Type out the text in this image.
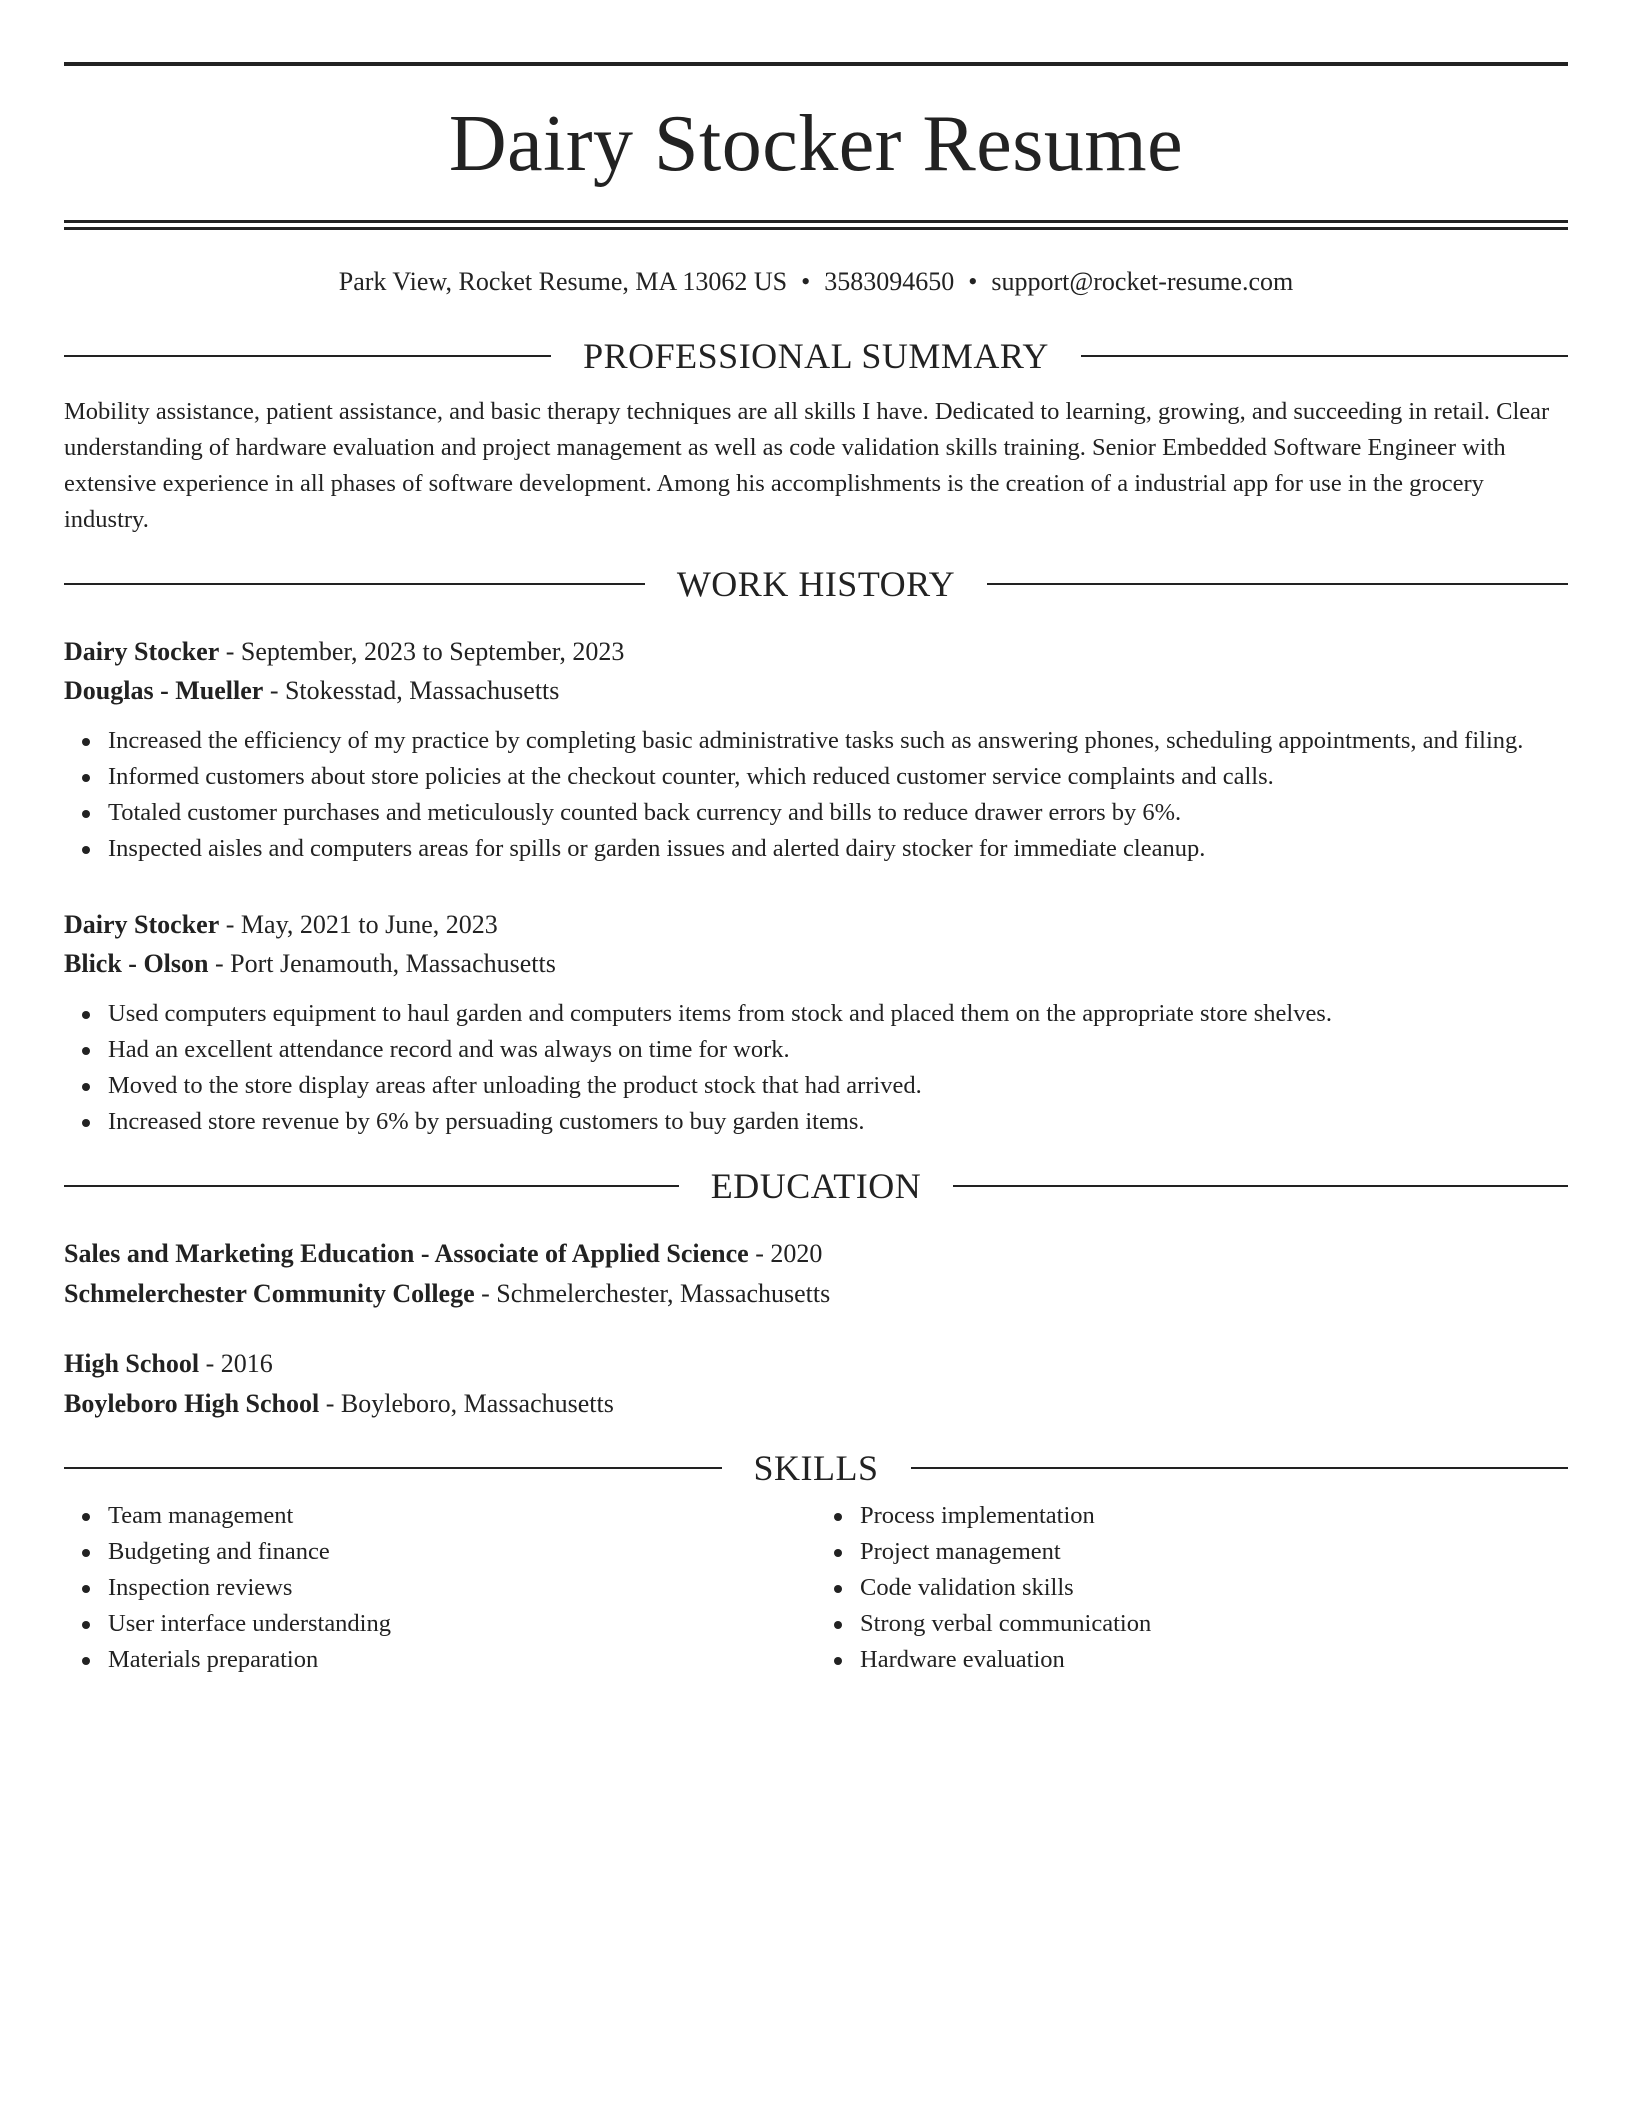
Dairy Stocker Resume
Park View, Rocket Resume, MA 13062 US • 3583094650 • support@rocket-resume.com
PROFESSIONAL SUMMARY
Mobility assistance, patient assistance, and basic therapy techniques are all skills I have. Dedicated to learning, growing, and succeeding in retail. Clear understanding of hardware evaluation and project management as well as code validation skills training. Senior Embedded Software Engineer with extensive experience in all phases of software development. Among his accomplishments is the creation of a industrial app for use in the grocery industry.
WORK HISTORY
Dairy Stocker - September, 2023 to September, 2023
Douglas - Mueller - Stokesstad, Massachusetts
Increased the efficiency of my practice by completing basic administrative tasks such as answering phones, scheduling appointments, and filing.
Informed customers about store policies at the checkout counter, which reduced customer service complaints and calls.
Totaled customer purchases and meticulously counted back currency and bills to reduce drawer errors by 6%.
Inspected aisles and computers areas for spills or garden issues and alerted dairy stocker for immediate cleanup.
Dairy Stocker - May, 2021 to June, 2023
Blick - Olson - Port Jenamouth, Massachusetts
Used computers equipment to haul garden and computers items from stock and placed them on the appropriate store shelves.
Had an excellent attendance record and was always on time for work.
Moved to the store display areas after unloading the product stock that had arrived.
Increased store revenue by 6% by persuading customers to buy garden items.
EDUCATION
Sales and Marketing Education - Associate of Applied Science - 2020
Schmelerchester Community College - Schmelerchester, Massachusetts
High School - 2016
Boyleboro High School - Boyleboro, Massachusetts
SKILLS
Team management
Budgeting and finance
Inspection reviews
User interface understanding
Materials preparation
Process implementation
Project management
Code validation skills
Strong verbal communication
Hardware evaluation
